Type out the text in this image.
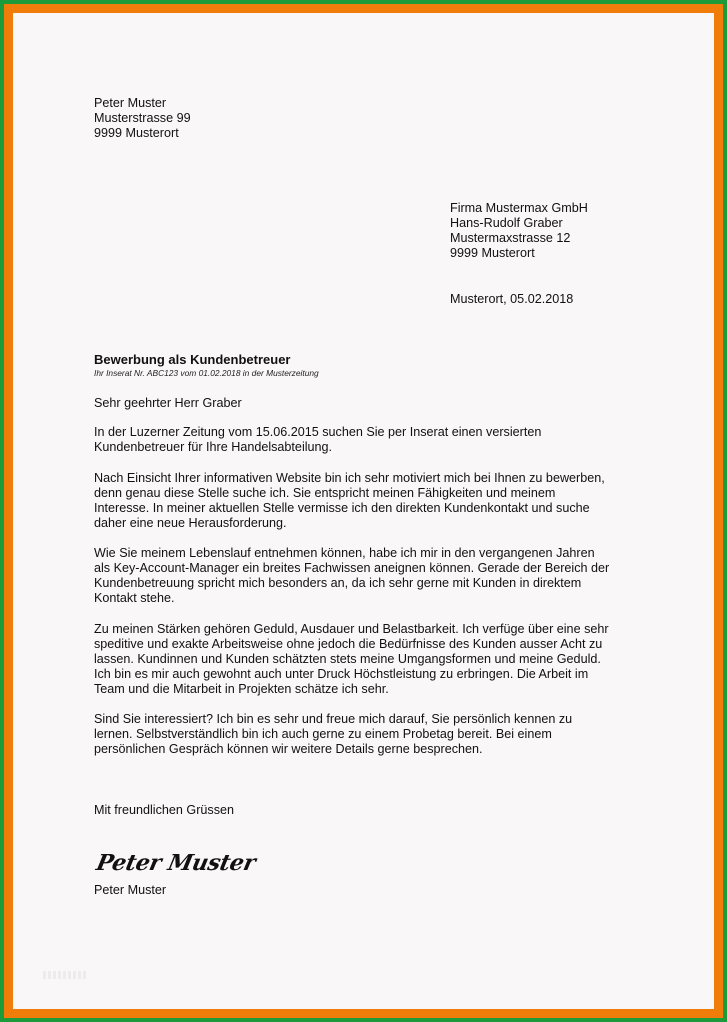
Peter Muster
Musterstrasse 99
9999 Musterort
Firma Mustermax GmbH
Hans-Rudolf Graber
Mustermaxstrasse 12
9999 Musterort
Musterort, 05.02.2018
Bewerbung als Kundenbetreuer
Ihr Inserat Nr. ABC123 vom 01.02.2018 in der Musterzeitung
Sehr geehrter Herr Graber
In der Luzerner Zeitung vom 15.06.2015 suchen Sie per Inserat einen versierten
Kundenbetreuer für Ihre Handelsabteilung.
Nach Einsicht Ihrer informativen Website bin ich sehr motiviert mich bei Ihnen zu bewerben,
denn genau diese Stelle suche ich. Sie entspricht meinen Fähigkeiten und meinem
Interesse. In meiner aktuellen Stelle vermisse ich den direkten Kundenkontakt und suche
daher eine neue Herausforderung.
Wie Sie meinem Lebenslauf entnehmen können, habe ich mir in den vergangenen Jahren
als Key-Account-Manager ein breites Fachwissen aneignen können. Gerade der Bereich der
Kundenbetreuung spricht mich besonders an, da ich sehr gerne mit Kunden in direktem
Kontakt stehe.
Zu meinen Stärken gehören Geduld, Ausdauer und Belastbarkeit. Ich verfüge über eine sehr
speditive und exakte Arbeitsweise ohne jedoch die Bedürfnisse des Kunden ausser Acht zu
lassen. Kundinnen und Kunden schätzten stets meine Umgangsformen und meine Geduld.
Ich bin es mir auch gewohnt auch unter Druck Höchstleistung zu erbringen. Die Arbeit im
Team und die Mitarbeit in Projekten schätze ich sehr.
Sind Sie interessiert? Ich bin es sehr und freue mich darauf, Sie persönlich kennen zu
lernen. Selbstverständlich bin ich auch gerne zu einem Probetag bereit. Bei einem
persönlichen Gespräch können wir weitere Details gerne besprechen.
Mit freundlichen Grüssen
Peter Muster
Peter Muster
